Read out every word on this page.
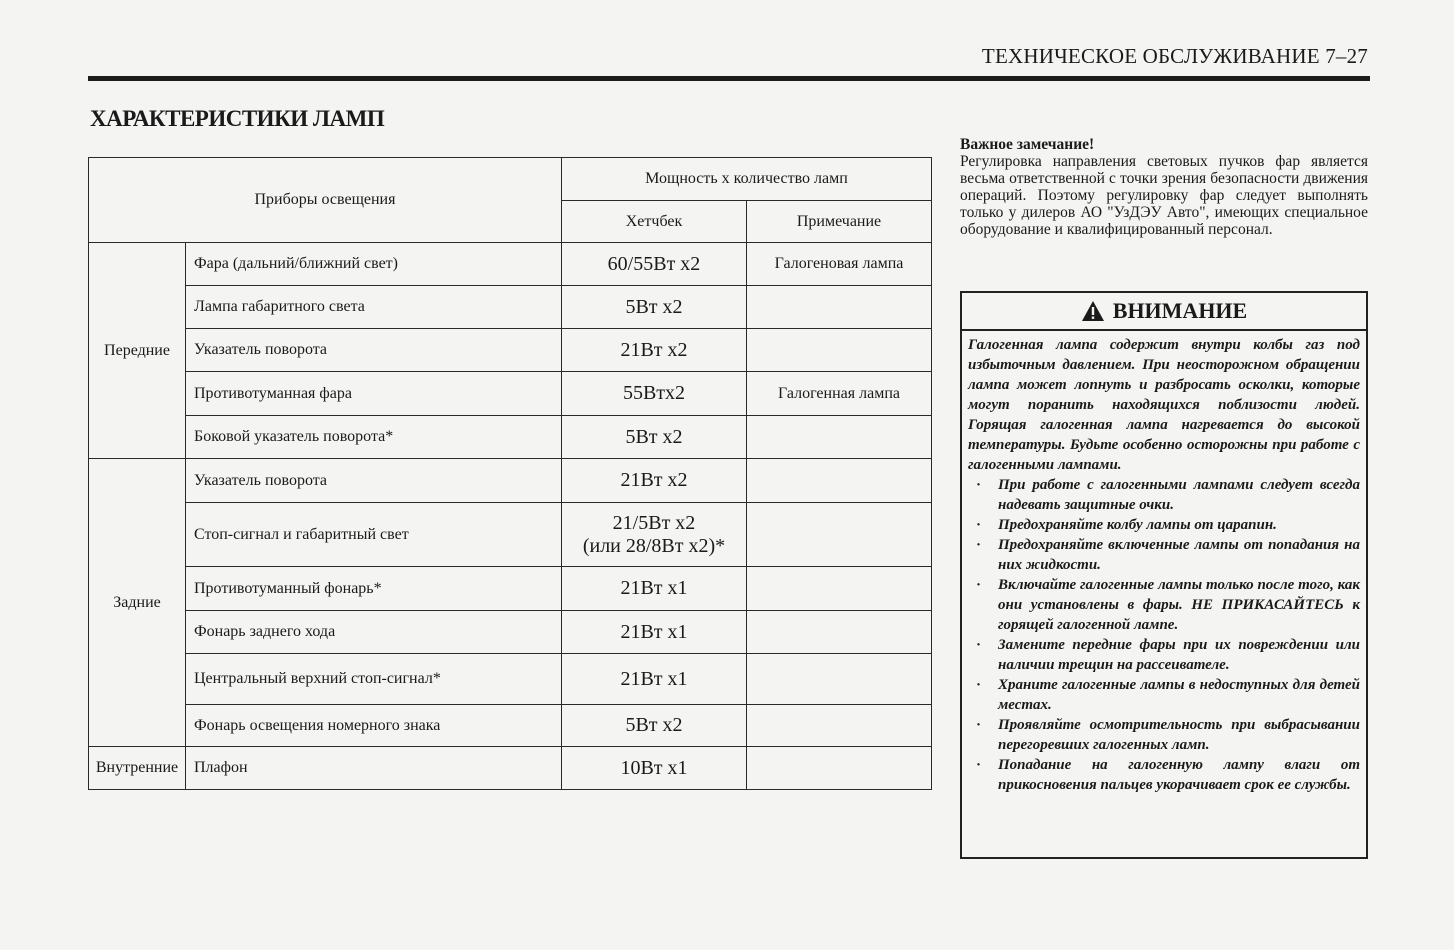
ТЕХНИЧЕСКОЕ ОБСЛУЖИВАНИЕ 7–27
ХАРАКТЕРИСТИКИ ЛАМП
Приборы освещения		Мощность х количество ламп	
		Хетчбек	Примечание
Передние	Фара (дальний/ближний свет)	60/55Вт х2	Галогеновая лампа
	Лампа габаритного света	5Вт х2	
	Указатель поворота	21Вт х2	
	Противотуманная фара	55Втх2	Галогенная лампа
	Боковой указатель поворота*	5Вт х2	
Задние	Указатель поворота	21Вт х2	
	Стоп-сигнал и габаритный свет	21/5Вт х2
(или 28/8Вт х2)*	

	Противотуманный фонарь*	21Вт х1	
	Фонарь заднего хода	21Вт х1	
	Центральный верхний стоп-сигнал*	21Вт х1	
	Фонарь освещения номерного знака	5Вт х2	
Внутренние	Плафон	10Вт х1	
Важное замечание!
Регулировка направления световых пучков фар является весьма ответственной с точки зрения безопасности движения операций. Поэтому регулировку фар следует выполнять только у дилеров АО "УзДЭУ Авто", имеющих специальное оборудование и квалифицированный персонал.
ВНИМАНИЕ
Галогенная лампа содержит внутри колбы газ под избыточным давлением. При неосторожном обращении лампа может лопнуть и разбросать осколки, которые могут поранить находящихся поблизости людей. Горящая галогенная лампа нагревается до высокой температуры. Будьте особенно осторожны при работе с галогенными лампами.
· При работе с галогенными лампами следует всегда надевать защитные очки.
· Предохраняйте колбу лампы от царапин.
· Предохраняйте включенные лампы от попадания на них жидкости.
· Включайте галогенные лампы только после того, как они установлены в фары. НЕ ПРИКАСАЙТЕСЬ к горящей галогенной лампе.
· Замените передние фары при их повреждении или наличии трещин на рассеивателе.
· Храните галогенные лампы в недоступных для детей местах.
· Проявляйте осмотрительность при выбрасывании перегоревших галогенных ламп.
· Попадание на галогенную лампу влаги от прикосновения пальцев укорачивает срок ее службы.
